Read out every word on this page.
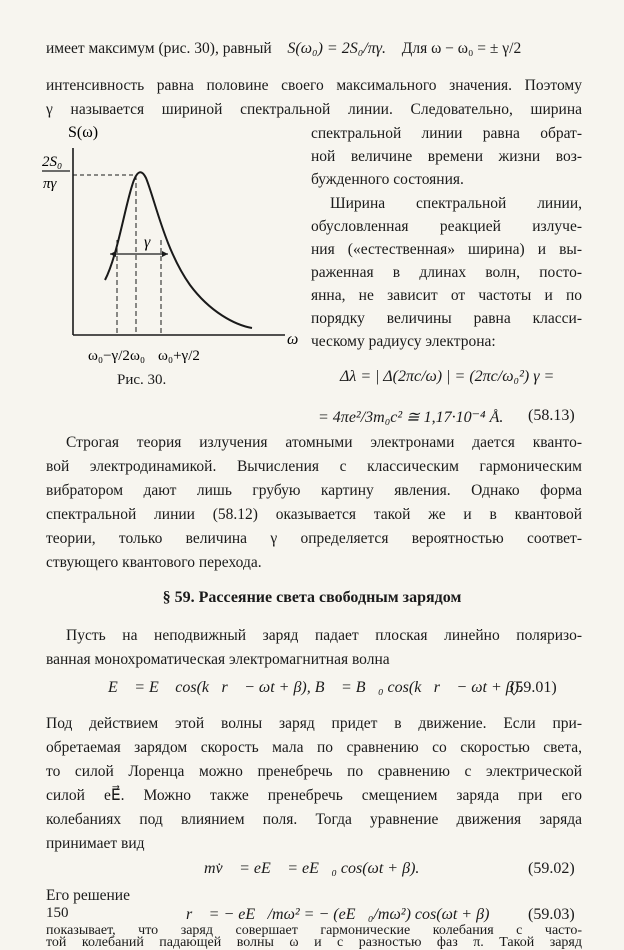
имеет максимум (рис. 30), равный S(ω₀) = 2S₀/πγ. Для ω − ω₀ = ± γ/2
интенсивность равна половине своего максимального значения. Поэтому
γ называется шириной спектральной линии. Следовательно, ширина
S(ω)
2S₀
πγ
γ
ω
ω₀−γ/2 ω₀ ω₀+γ/2
Рис. 30.
спектральной линии равна обрат-
ной величине времени жизни воз-
бужденного состояния.
Ширина спектральной линии,
обусловленная реакцией излуче-
ния («естественная» ширина) и вы-
раженная в длинах волн, посто-
янна, не зависит от частоты и по
порядку величины равна класси-
ческому радиусу электрона:
Δλ = | Δ(2πc/ω) | = (2πc/ω₀²) γ =
= 4πe²/3m₀c² ≅ 1,17·10⁻⁴ Å. (58.13)
Строгая теория излучения атомными электронами дается кванто-
вой электродинамикой. Вычисления с классическим гармоническим
вибратором дают лишь грубую картину явления. Однако форма
спектральной линии (58.12) оказывается такой же и в квантовой
теории, только величина γ определяется вероятностью соответ-
ствующего квантового перехода.
§ 59. Рассеяние света свободным зарядом
Пусть на неподвижный заряд падает плоская линейно поляризо-
ванная монохроматическая электромагнитная волна
E⃗ = E⃗ cos(k⃗r⃗ − ωt + β), B⃗ = B⃗₀ cos(k⃗r⃗ − ωt + β).
(59.01)
Под действием этой волны заряд придет в движение. Если при-
обретаемая зарядом скорость мала по сравнению со скоростью света,
то силой Лоренца можно пренебречь по сравнению с электрической
силой eE⃗. Можно также пренебречь смещением заряда при его
колебаниях под влиянием поля. Тогда уравнение движения заряда
принимает вид
mv̇⃗ = eE⃗ = eE⃗₀ cos(ωt + β).	(59.02)
Его решение
r⃗ = − eE⃗/mω² = − (eE⃗₀/mω²) cos(ωt + β) (59.03)
показывает, что заряд совершает гармонические колебания с часто-
той колебаний падающей волны ω и с разностью фаз π. Такой заряд
150
